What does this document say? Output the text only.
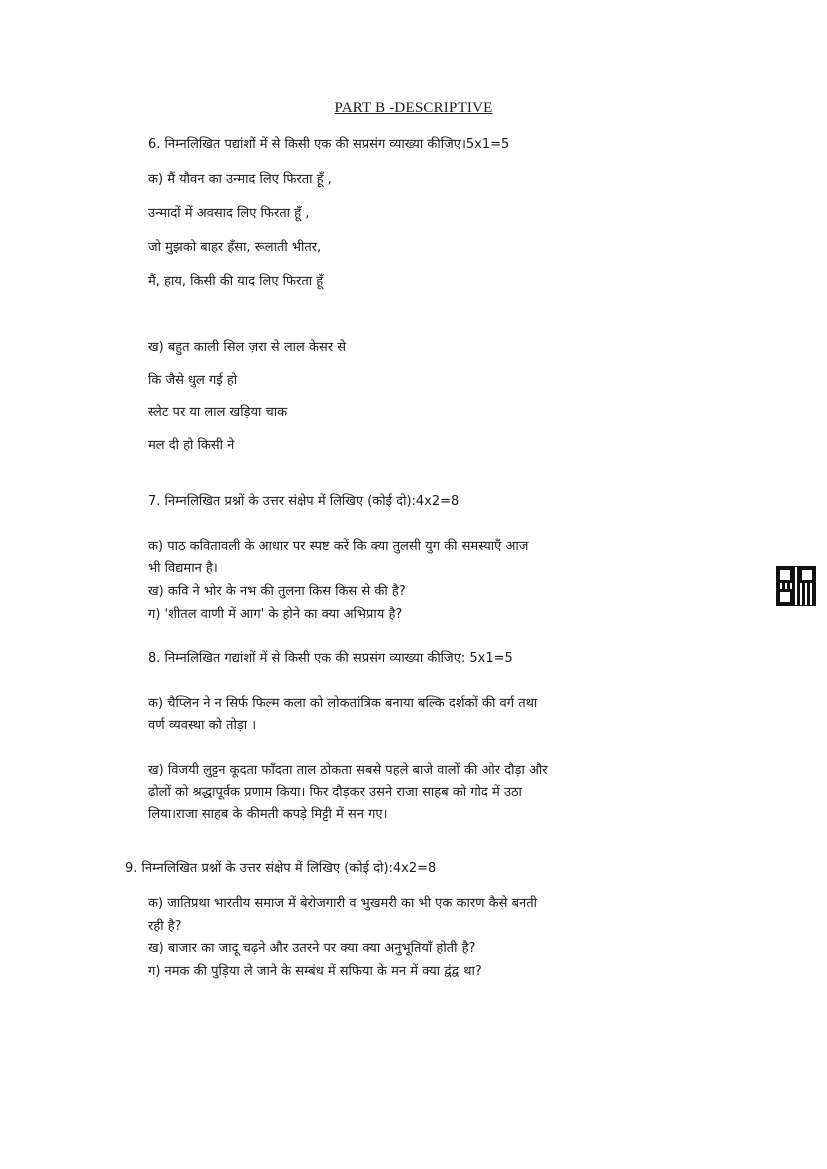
PART B -DESCRIPTIVE
6. निम्नलिखित पद्यांशों में से किसी एक की सप्रसंग व्याख्या कीजिए।5x1=5
क) मैं यौवन का उन्माद लिए फिरता हूँ ,
उन्मादों में अवसाद लिए फिरता हूँ ,
जो मुझको बाहर हँसा, रूलाती भीतर,
मैं, हाय, किसी की याद लिए फिरता हूँ
ख) बहुत काली सिल ज़रा से लाल केसर से
कि जैसे धुल गई हो
स्लेट पर या लाल खड़िया चाक
मल दी हो किसी ने
7. निम्नलिखित प्रश्नों के उत्तर संक्षेप में लिखिए (कोई दो):4x2=8
क) पाठ कवितावली के आधार पर स्पष्ट करें कि क्या तुलसी युग की समस्याएँ आज
भी विद्यमान है।
ख) कवि ने भोर के नभ की तुलना किस किस से की है?
ग) 'शीतल वाणी में आग' के होने का क्या अभिप्राय है?
8. निम्नलिखित गद्यांशों में से किसी एक की सप्रसंग व्याख्या कीजिए: 5x1=5
क) चैप्लिन ने न सिर्फ फिल्म कला को लोकतांत्रिक बनाया बल्कि दर्शकों की वर्ग तथा
वर्ण व्यवस्था को तोड़ा ।
ख) विजयी लुट्टन कूदता फाँदता ताल ठोकता सबसे पहले बाजे वालों की ओर दौड़ा और
ढोलों को श्रद्धापूर्वक प्रणाम किया। फिर दौड़कर उसने राजा साहब को गोद में उठा
लिया।राजा साहब के कीमती कपड़े मिट्टी में सन गए।
9. निम्नलिखित प्रश्नों के उत्तर संक्षेप में लिखिए (कोई दो):4x2=8
क) जातिप्रथा भारतीय समाज में बेरोजगारी व भुखमरी का भी एक कारण कैसे बनती
रही है?
ख) बाजार का जादू चढ़ने और उतरने पर क्या क्या अनुभूतियाँ होती है?
ग) नमक की पुड़िया ले जाने के सम्बंध में सफिया के मन में क्या द्वंद्व था?
